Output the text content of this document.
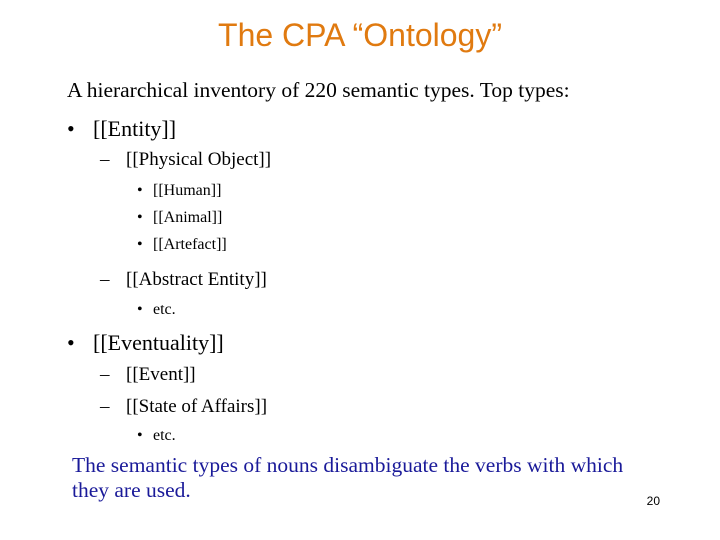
The CPA “Ontology”
A hierarchical inventory of 220 semantic types. Top types:
• [[Entity]]
– [[Physical Object]]
• [[Human]]
• [[Animal]]
• [[Artefact]]
– [[Abstract Entity]]
• etc.
• [[Eventuality]]
– [[Event]]
– [[State of Affairs]]
• etc.
The semantic types of nouns disambiguate the verbs with which they are used.	20
